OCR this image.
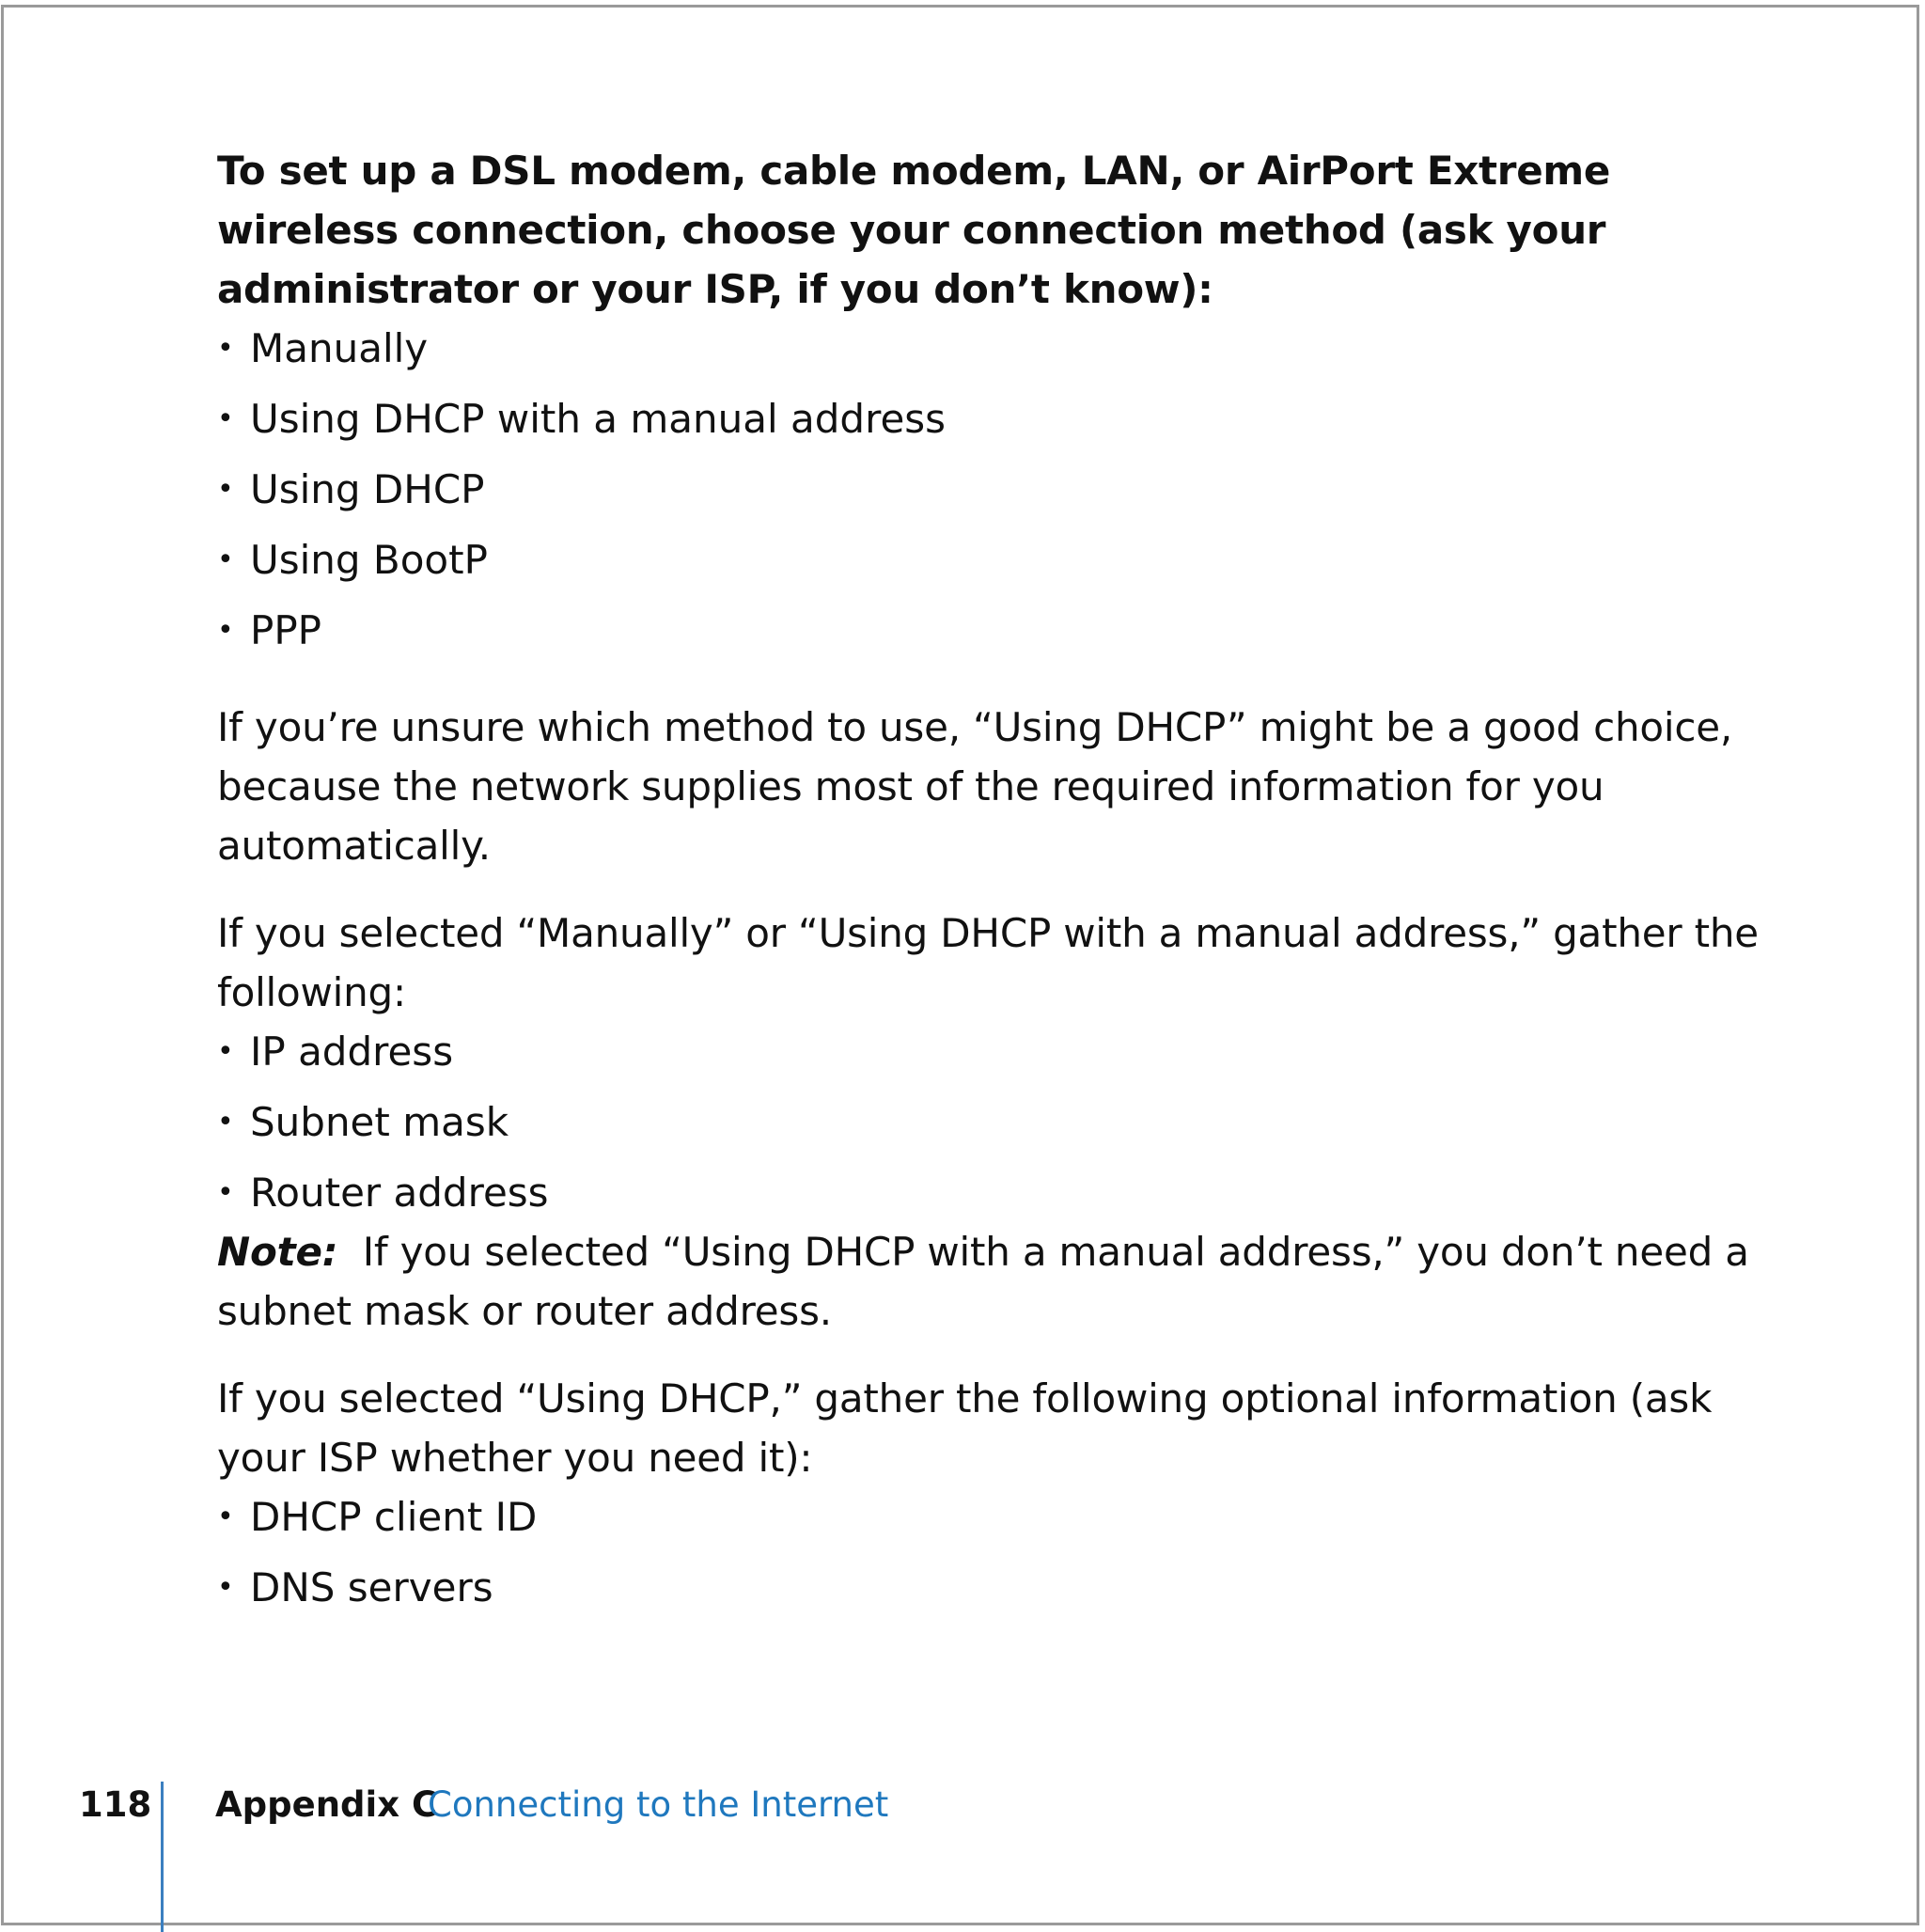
To set up a DSL modem, cable modem, LAN, or AirPort Extreme wireless connection, choose your connection method (ask your administrator or your ISP, if you don’t know):

• Manually
• Using DHCP with a manual address
• Using DHCP
• Using BootP
• PPP

If you’re unsure which method to use, “Using DHCP” might be a good choice, because the network supplies most of the required information for you automatically.

If you selected “Manually” or “Using DHCP with a manual address,” gather the following:

• IP address
• Subnet mask
• Router address

Note: If you selected “Using DHCP with a manual address,” you don’t need a subnet mask or router address.

If you selected “Using DHCP,” gather the following optional information (ask your ISP whether you need it):

• DHCP client ID
• DNS servers
118 Appendix C
Connecting to the Internet
